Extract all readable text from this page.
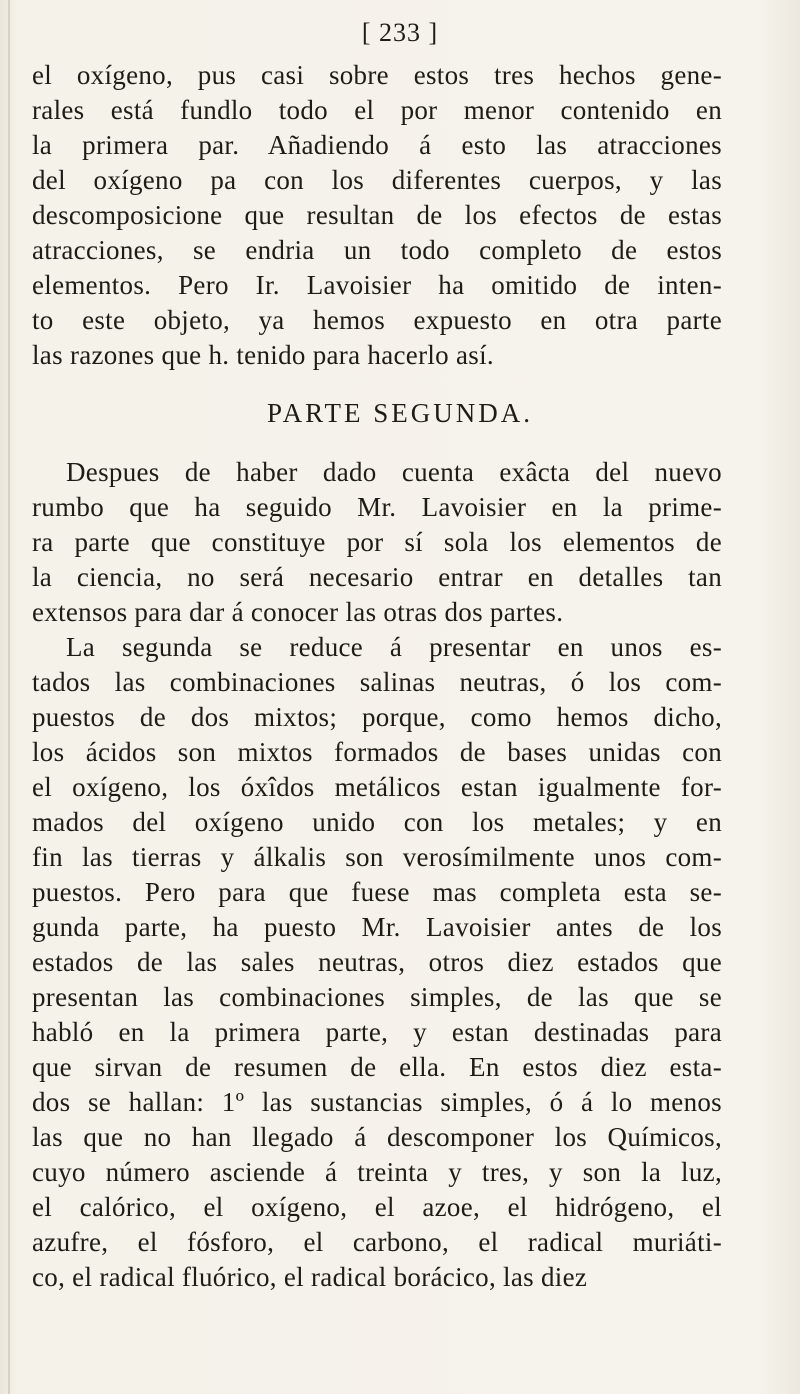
[ 233 ]
el oxígeno, pus casi sobre estos tres hechos gene-
rales está fundlo todo el por menor contenido en
la primera par. Añadiendo á esto las atracciones
del oxígeno pa con los diferentes cuerpos, y las
descomposicione que resultan de los efectos de estas
atracciones, se endria un todo completo de estos
elementos. Pero Ir. Lavoisier ha omitido de inten-
to este objeto, ya hemos expuesto en otra parte
las razones que h. tenido para hacerlo así.
PARTE SEGUNDA.
Despues de haber dado cuenta exâcta del nuevo
rumbo que ha seguido Mr. Lavoisier en la prime-
ra parte que constituye por sí sola los elementos de
la ciencia, no será necesario entrar en detalles tan
extensos para dar á conocer las otras dos partes.
La segunda se reduce á presentar en unos es-
tados las combinaciones salinas neutras, ó los com-
puestos de dos mixtos; porque, como hemos dicho,
los ácidos son mixtos formados de bases unidas con
el oxígeno, los óxîdos metálicos estan igualmente for-
mados del oxígeno unido con los metales; y en
fin las tierras y álkalis son verosímilmente unos com-
puestos. Pero para que fuese mas completa esta se-
gunda parte, ha puesto Mr. Lavoisier antes de los
estados de las sales neutras, otros diez estados que
presentan las combinaciones simples, de las que se
habló en la primera parte, y estan destinadas para
que sirvan de resumen de ella. En estos diez esta-
dos se hallan: 1º las sustancias simples, ó á lo menos
las que no han llegado á descomponer los Químicos,
cuyo número asciende á treinta y tres, y son la luz,
el calórico, el oxígeno, el azoe, el hidrógeno, el
azufre, el fósforo, el carbono, el radical muriáti-
co, el radical fluórico, el radical borácico, las diez
